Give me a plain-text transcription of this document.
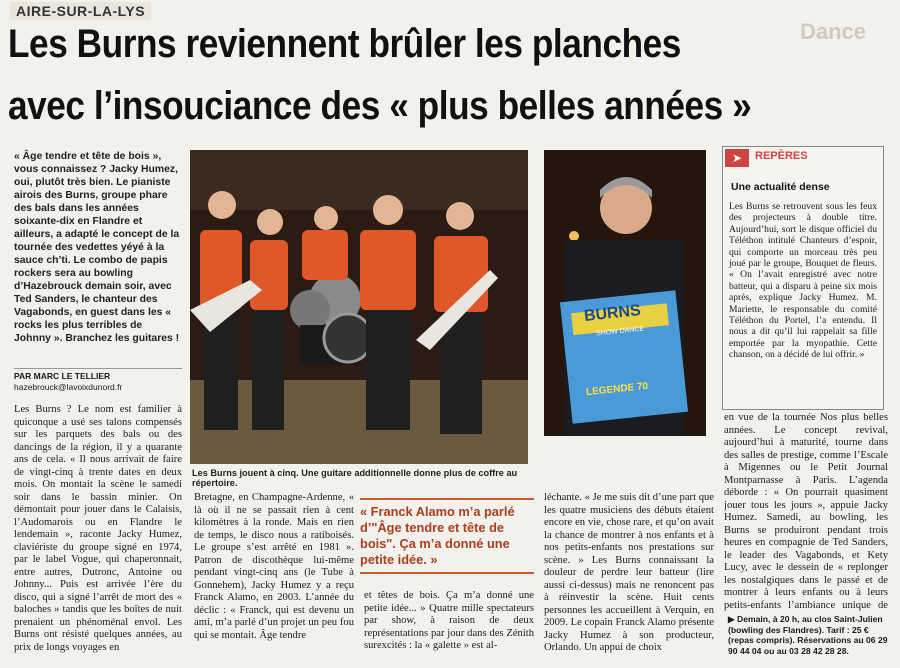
AIRE-SUR-LA-LYS
Dance
Les Burns reviennent brûler les planches
avec l’insouciance des « plus belles années »
« Âge tendre et tête de bois », vous connaissez ? Jacky Humez, oui, plutôt très bien. Le pianiste airois des Burns, groupe phare des bals dans les années soixante-dix en Flandre et ailleurs, a adapté le concept de la tournée des vedettes yéyé à la sauce ch’ti. Le combo de papis rockers sera au bowling d’Hazebrouck demain soir, avec Ted Sanders, le chanteur des Vagabonds, en guest dans les « rocks les plus terribles de Johnny ». Branchez les guitares !
PAR MARC LE TELLIER
hazebrouck@lavoixdunord.fr
Les Burns ? Le nom est familier à quiconque a usé ses talons compensés sur les parquets des bals ou des dancings de la région, il y a quarante ans de cela. « Il nous arrivait de faire de vingt-cinq à trente dates en deux mois. On montait la scène le samedi soir dans le bassin minier. On démontait pour jouer dans le Calaisis, l’Audomarois ou en Flandre le lendemain », raconte Jacky Humez, claviériste du groupe signé en 1974, par le label Vogue, qui chaperonnait, entre autres, Dutronc, Antoine ou Johnny... Puis est arrivée l’ère du disco, qui a signé l’arrêt de mort des « baloches » tandis que les boîtes de nuit prenaient un phénoménal envol. Les Burns ont résisté quelques années, au prix de longs voyages en
Les Burns jouent à cinq. Une guitare additionnelle donne plus de coffre au répertoire.
BURNS
SHOW DANCE
LEGENDE 70
Bretagne, en Champagne-Ardenne, « là où il ne se passait rien à cent kilomètres à la ronde. Mais en rien de temps, le disco nous a ratiboisés. Le groupe s’est arrêté en 1981 ». Patron de discothèque lui-même pendant vingt-cinq ans (le Tube à Gonnehem), Jacky Humez y a reçu Franck Alamo, en 2003. L’année du déclic : « Franck, qui est devenu un ami, m’a parlé d’un projet un peu fou qui se montait. Âge tendre
« Franck Alamo m’a parlé d’"Âge tendre et tête de bois". Ça m’a donné une petite idée. »
et têtes de bois. Ça m’a donné une petite idée... » Quatre mille spectateurs par show, à raison de deux représentations par jour dans des Zénith surexcités : la « galette » est al-
léchante. « Je me suis dit d’une part que les quatre musiciens des débuts étaient encore en vie, chose rare, et qu’on avait la chance de montrer à nos enfants et à nos petits-enfants nos prestations sur scène. » Les Burns connaissant la douleur de perdre leur batteur (lire aussi ci-dessus) mais ne renoncent pas à réinvestir la scène. Huit cents personnes les accueillent à Verquin, en 2009. Le copain Franck Alamo présente Jacky Humez à son producteur, Orlando. Un appui de choix
en vue de la tournée Nos plus belles années. Le concept revival, aujourd’hui à maturité, tourne dans des salles de prestige, comme l’Escale à Migennes ou le Petit Journal Montparnasse à Paris. L’agenda déborde : « On pourrait quasiment jouer tous les jours », appuie Jacky Humez. Samedi, au bowling, les Burns se produiront pendant trois heures en compagnie de Ted Sanders, le leader des Vagabonds, et Kety Lucy, avec le dessein de « replonger les nostalgiques dans le passé et de montrer à leurs enfants ou à leurs petits-enfants l’ambiance unique de
➤	REPÈRES
Une actualité dense
Les Burns se retrouvent sous les feux des projecteurs à double titre. Aujourd’hui, sort le disque officiel du Téléthon intitulé Chanteurs d’espoir, qui comporte un morceau très peu joué par le groupe, Bouquet de fleurs. « On l’avait enregistré avec notre batteur, qui a disparu à peine six mois après, explique Jacky Humez. M. Mariette, le responsable du comité Téléthon du Portel, l’a entendu. Il nous a dit qu’il lui rappelait sa fille emportée par la myopathie. Cette chanson, on a décidé de lui offrir. »
▶ Demain, à 20 h, au clos Saint-Julien (bowling des Flandres). Tarif : 25 € (repas compris). Réservations au 06 29 90 44 04 ou au 03 28 42 28 28.
